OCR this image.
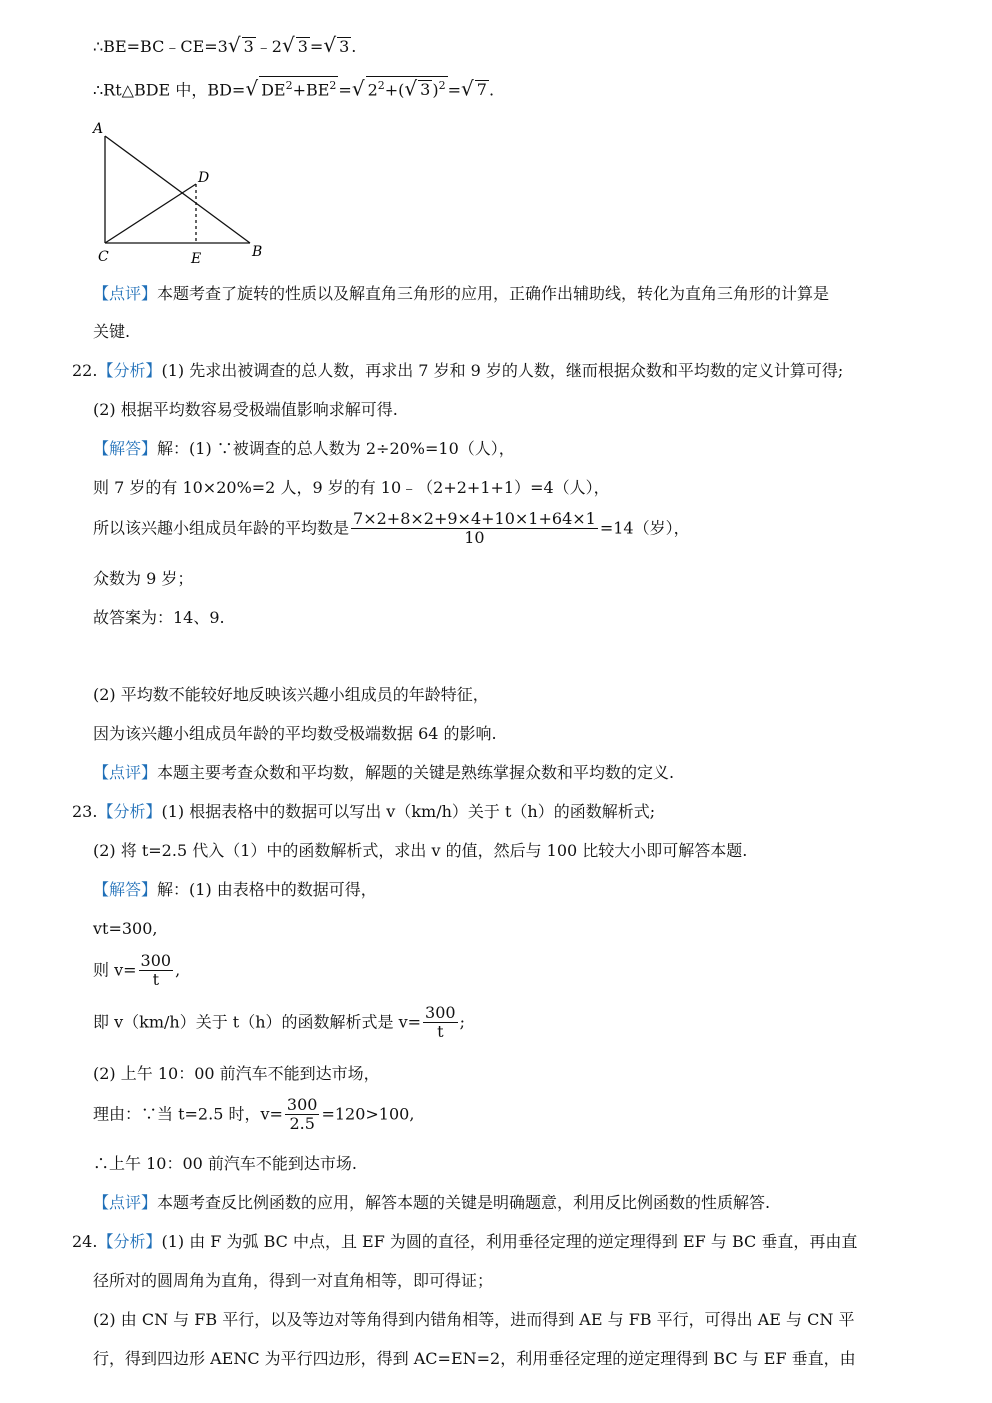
∴BE=BC﹣CE=3√ 3 ﹣2√ 3 =√ 3 .
∴Rt△BDE 中，BD=√ $DE^2+BE^2$ =√ $2^2+(√$ 3 )$^2$ =√ 7 .
A
D
C	E	B
【点评】本题考查了旋转的性质以及解直角三角形的应用，正确作出辅助线，转化为直角三角形的计算是
关键.
22.【分析】(1) 先求出被调查的总人数，再求出 7 岁和 9 岁的人数，继而根据众数和平均数的定义计算可得;
(2) 根据平均数容易受极端值影响求解可得.
【解答】解：(1) ∵被调查的总人数为 2÷20%=10（人），
则 7 岁的有 10×20%=2 人，9 岁的有 10﹣（2+2+1+1）=4（人），
所以该兴趣小组成员年龄的平均数是 $\frac{7\times 2+8\times 2+9\times 4+10\times 1+64\times 1}{10} =14$（岁），
众数为 9 岁；
故答案为：14、9.
(2) 平均数不能较好地反映该兴趣小组成员的年龄特征，
因为该兴趣小组成员年龄的平均数受极端数据 64 的影响.
【点评】本题主要考查众数和平均数，解题的关键是熟练掌握众数和平均数的定义.
23.【分析】(1) 根据表格中的数据可以写出 v（km/h）关于 t（h）的函数解析式;
(2) 将 t=2.5 代入（1）中的函数解析式，求出 v 的值，然后与 100 比较大小即可解答本题.
【解答】解：(1) 由表格中的数据可得，
vt=300,
则 $v= \frac{300}{t}$ ,
即 v（km/h）关于 t（h）的函数解析式是 $v= \frac{300}{t}$ ;
(2) 上午 10：00 前汽车不能到达市场，
理由：∵当 t=2.5 时，$v= \frac{300}{2.5} =120>100$,
∴上午 10：00 前汽车不能到达市场.
【点评】本题考查反比例函数的应用，解答本题的关键是明确题意，利用反比例函数的性质解答.
24.【分析】(1) 由 F 为弧 BC 中点，且 EF 为圆的直径，利用垂径定理的逆定理得到 EF 与 BC 垂直，再由直
径所对的圆周角为直角，得到一对直角相等，即可得证；
(2) 由 CN 与 FB 平行，以及等边对等角得到内错角相等，进而得到 AE 与 FB 平行，可得出 AE 与 CN 平
行，得到四边形 AENC 为平行四边形，得到 AC=EN=2，利用垂径定理的逆定理得到 BC 与 EF 垂直，由
